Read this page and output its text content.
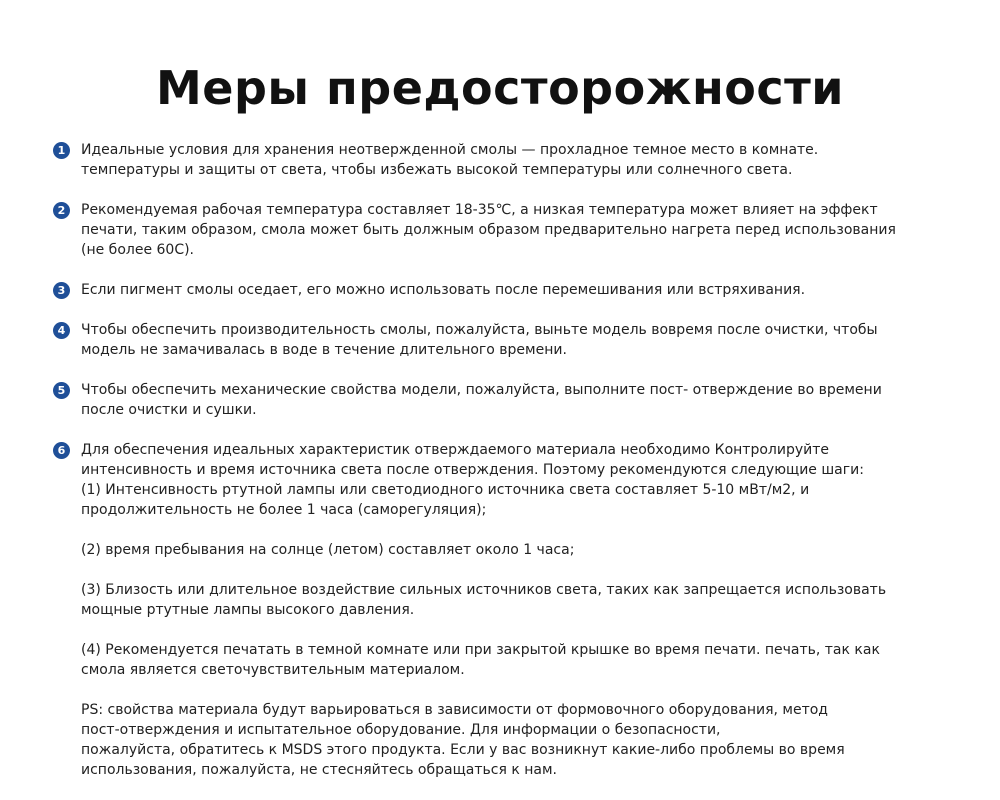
Меры предосторожности
1	Идеальные условия для хранения неотвержденной смолы — прохладное темное место в комнате.
температуры и защиты от света, чтобы избежать высокой температуры или солнечного света.
2	Рекомендуемая рабочая температура составляет 18-35℃, а низкая температура может влияет на эффект
печати, таким образом, смола может быть должным образом предварительно нагрета перед использования
(не более 60С).
3	Если пигмент смолы оседает, его можно использовать после перемешивания или встряхивания.
4	Чтобы обеспечить производительность смолы, пожалуйста, выньте модель вовремя после очистки, чтобы
модель не замачивалась в воде в течение длительного времени.
5	Чтобы обеспечить механические свойства модели, пожалуйста, выполните пост- отверждение во времени
после очистки и сушки.
6	Для обеспечения идеальных характеристик отверждаемого материала необходимо Контролируйте
интенсивность и время источника света после отверждения. Поэтому рекомендуются следующие шаги:
(1) Интенсивность ртутной лампы или светодиодного источника света составляет 5-10 мВт/м2, и
продолжительность не более 1 часа (саморегуляция);
(2) время пребывания на солнце (летом) составляет около 1 часа;
(3) Близость или длительное воздействие сильных источников света, таких как запрещается использовать
мощные ртутные лампы высокого давления.
(4) Рекомендуется печатать в темной комнате или при закрытой крышке во время печати. печать, так как
смола является светочувствительным материалом.
PS: свойства материала будут варьироваться в зависимости от формовочного оборудования, метод
пост-отверждения и испытательное оборудование. Для информации о безопасности,
пожалуйста, обратитесь к MSDS этого продукта. Если у вас возникнут какие-либо проблемы во время
использования, пожалуйста, не стесняйтесь обращаться к нам.
